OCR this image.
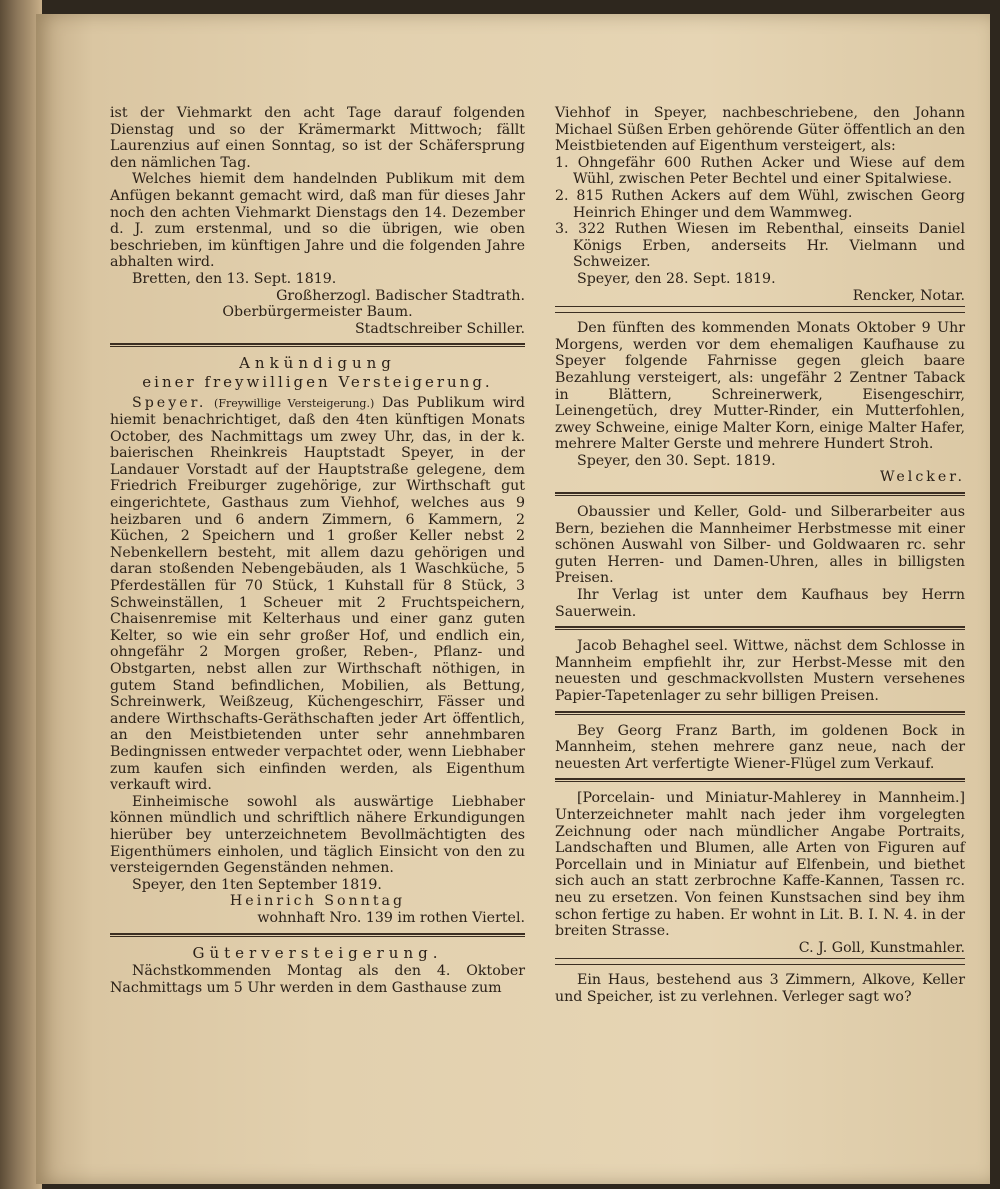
ist der Viehmarkt den acht Tage darauf folgenden Dienstag und so der Krämermarkt Mittwoch; fällt Laurenzius auf einen Sonntag, so ist der Schäfersprung den nämlichen Tag.

Welches hiemit dem handelnden Publikum mit dem Anfügen bekannt gemacht wird, daß man für dieses Jahr noch den achten Viehmarkt Dienstags den 14. Dezember d. J. zum erstenmal, und so die übrigen, wie oben beschrieben, im künftigen Jahre und die folgenden Jahre abhalten wird.

Bretten, den 13. Sept. 1819.

Großherzogl. Badischer Stadtrath.

Oberbürgermeister Baum.

Stadtschreiber Schiller.

Ankündigung
einer freywilligen Versteigerung.

Speyer. (Freywillige Versteigerung.) Das Publikum wird hiemit benachrichtiget, daß den 4ten künftigen Monats October, des Nachmittags um zwey Uhr, das, in der k. baierischen Rheinkreis Hauptstadt Speyer, in der Landauer Vorstadt auf der Hauptstraße gelegene, dem Friedrich Freiburger zugehörige, zur Wirthschaft gut eingerichtete, Gasthaus zum Viehhof, welches aus 9 heizbaren und 6 andern Zimmern, 6 Kammern, 2 Küchen, 2 Speichern und 1 großer Keller nebst 2 Nebenkellern besteht, mit allem dazu gehörigen und daran stoßenden Nebengebäuden, als 1 Waschküche, 5 Pferdeställen für 70 Stück, 1 Kuhstall für 8 Stück, 3 Schweinställen, 1 Scheuer mit 2 Fruchtspeichern, Chaisenremise mit Kelterhaus und einer ganz guten Kelter, so wie ein sehr großer Hof, und endlich ein, ohngefähr 2 Morgen großer, Reben-, Pflanz- und Obstgarten, nebst allen zur Wirthschaft nöthigen, in gutem Stand befindlichen, Mobilien, als Bettung, Schreinwerk, Weißzeug, Küchengeschirr, Fässer und andere Wirthschafts-Geräthschaften jeder Art öffentlich, an den Meistbietenden unter sehr annehmbaren Bedingnissen entweder verpachtet oder, wenn Liebhaber zum kaufen sich einfinden werden, als Eigenthum verkauft wird.

Einheimische sowohl als auswärtige Liebhaber können mündlich und schriftlich nähere Erkundigungen hierüber bey unterzeichnetem Bevollmächtigten des Eigenthümers einholen, und täglich Einsicht von den zu versteigernden Gegenständen nehmen.

Speyer, den 1ten September 1819.

Heinrich Sonntag

wohnhaft Nro. 139 im rothen Viertel.

Güterversteigerung.

Nächstkommenden Montag als den 4. Oktober Nachmittags um 5 Uhr werden in dem Gasthause zum

Viehhof in Speyer, nachbeschriebene, den Johann Michael Süßen Erben gehörende Güter öffentlich an den Meistbietenden auf Eigenthum versteigert, als:

1. Ohngefähr 600 Ruthen Acker und Wiese auf dem Wühl, zwischen Peter Bechtel und einer Spitalwiese.

2. 815 Ruthen Ackers auf dem Wühl, zwischen Georg Heinrich Ehinger und dem Wammweg.

3. 322 Ruthen Wiesen im Rebenthal, einseits Daniel Königs Erben, anderseits Hr. Vielmann und Schweizer.

Speyer, den 28. Sept. 1819.

Rencker, Notar.

Den fünften des kommenden Monats Oktober 9 Uhr Morgens, werden vor dem ehemaligen Kaufhause zu Speyer folgende Fahrnisse gegen gleich baare Bezahlung versteigert, als: ungefähr 2 Zentner Taback in Blättern, Schreinerwerk, Eisengeschirr, Leinengetüch, drey Mutter-Rinder, ein Mutterfohlen, zwey Schweine, einige Malter Korn, einige Malter Hafer, mehrere Malter Gerste und mehrere Hundert Stroh.

Speyer, den 30. Sept. 1819.

Welcker.

Obaussier und Keller, Gold- und Silberarbeiter aus Bern, beziehen die Mannheimer Herbstmesse mit einer schönen Auswahl von Silber- und Goldwaaren rc. sehr guten Herren- und Damen-Uhren, alles in billigsten Preisen.

Ihr Verlag ist unter dem Kaufhaus bey Herrn Sauerwein.

Jacob Behaghel seel. Wittwe, nächst dem Schlosse in Mannheim empfiehlt ihr, zur Herbst-Messe mit den neuesten und geschmackvollsten Mustern versehenes Papier-Tapetenlager zu sehr billigen Preisen.

Bey Georg Franz Barth, im goldenen Bock in Mannheim, stehen mehrere ganz neue, nach der neuesten Art verfertigte Wiener-Flügel zum Verkauf.

[Porcelain- und Miniatur-Mahlerey in Mannheim.] Unterzeichneter mahlt nach jeder ihm vorgelegten Zeichnung oder nach mündlicher Angabe Portraits, Landschaften und Blumen, alle Arten von Figuren auf Porcellain und in Miniatur auf Elfenbein, und biethet sich auch an statt zerbrochne Kaffe-Kannen, Tassen rc. neu zu ersetzen. Von feinen Kunstsachen sind bey ihm schon fertige zu haben. Er wohnt in Lit. B. I. N. 4. in der breiten Strasse.

C. J. Goll, Kunstmahler.

Ein Haus, bestehend aus 3 Zimmern, Alkove, Keller und Speicher, ist zu verlehnen. Verleger sagt wo?
